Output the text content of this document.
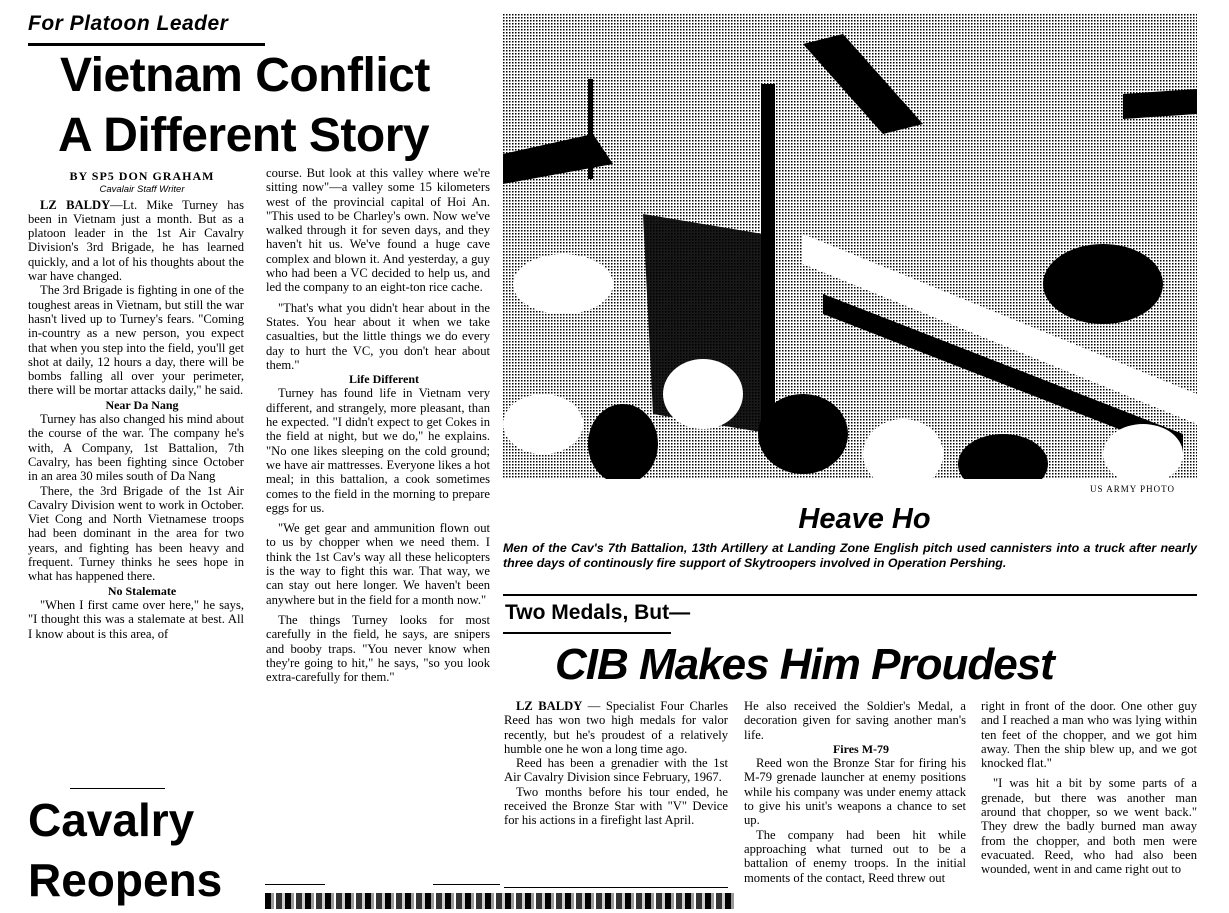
For Platoon Leader
Vietnam Conflict
A Different Story

BY SP5 DON GRAHAM

Cavalair Staff Writer

LZ BALDY—Lt. Mike Turney has been in Vietnam just a month. But as a platoon leader in the 1st Air Cavalry Division's 3rd Brigade, he has learned quickly, and a lot of his thoughts about the war have changed.

The 3rd Brigade is fighting in one of the toughest areas in Vietnam, but still the war hasn't lived up to Turney's fears. "Coming in-country as a new person, you expect that when you step into the field, you'll get shot at daily, 12 hours a day, there will be bombs falling all over your perimeter, there will be mortar attacks daily," he said.

Near Da Nang

Turney has also changed his mind about the course of the war. The company he's with, A Company, 1st Battalion, 7th Cavalry, has been fighting since October in an area 30 miles south of Da Nang

There, the 3rd Brigade of the 1st Air Cavalry Division went to work in October. Viet Cong and North Vietnamese troops had been dominant in the area for two years, and fighting has been heavy and frequent. Turney thinks he sees hope in what has happened there.

No Stalemate

"When I first came over here," he says, "I thought this was a stalemate at best. All I know about is this area, of

course. But look at this valley where we're sitting now"—a valley some 15 kilometers west of the provincial capital of Hoi An. "This used to be Charley's own. Now we've walked through it for seven days, and they haven't hit us. We've found a huge cave complex and blown it. And yesterday, a guy who had been a VC decided to help us, and led the company to an eight-ton rice cache.

"That's what you didn't hear about in the States. You hear about it when we take casualties, but the little things we do every day to hurt the VC, you don't hear about them."

Life Different

Turney has found life in Vietnam very different, and strangely, more pleasant, than he expected. "I didn't expect to get Cokes in the field at night, but we do," he explains. "No one likes sleeping on the cold ground; we have air mattresses. Everyone likes a hot meal; in this battalion, a cook sometimes comes to the field in the morning to prepare eggs for us.

"We get gear and ammunition flown out to us by chopper when we need them. I think the 1st Cav's way all these helicopters is the way to fight this war. That way, we can stay out here longer. We haven't been anywhere but in the field for a month now."

The things Turney looks for most carefully in the field, he says, are snipers and booby traps. "You never know when they're going to hit," he says, "so you look extra-carefully for them."

Cavalry
Reopens
US ARMY PHOTO
Heave Ho
Men of the Cav's 7th Battalion, 13th Artillery at Landing Zone English pitch used cannisters into a truck after nearly three days of continously fire support of Skytroopers involved in Operation Pershing.
Two Medals, But—
CIB Makes Him Proudest

LZ BALDY — Specialist Four Charles Reed has won two high medals for valor recently, but he's proudest of a relatively humble one he won a long time ago.

Reed has been a grenadier with the 1st Air Cavalry Division since February, 1967.

Two months before his tour ended, he received the Bronze Star with "V" Device for his actions in a firefight last April.

He also received the Soldier's Medal, a decoration given for saving another man's life.

Fires M-79

Reed won the Bronze Star for firing his M-79 grenade launcher at enemy positions while his company was under enemy attack to give his unit's weapons a chance to set up.

The company had been hit while approaching what turned out to be a battalion of enemy troops. In the initial moments of the contact, Reed threw out

right in front of the door. One other guy and I reached a man who was lying within ten feet of the chopper, and we got him away. Then the ship blew up, and we got knocked flat."

"I was hit a bit by some parts of a grenade, but there was another man around that chopper, so we went back." They drew the badly burned man away from the chopper, and both men were evacuated. Reed, who had also been wounded, went in and came right out to
